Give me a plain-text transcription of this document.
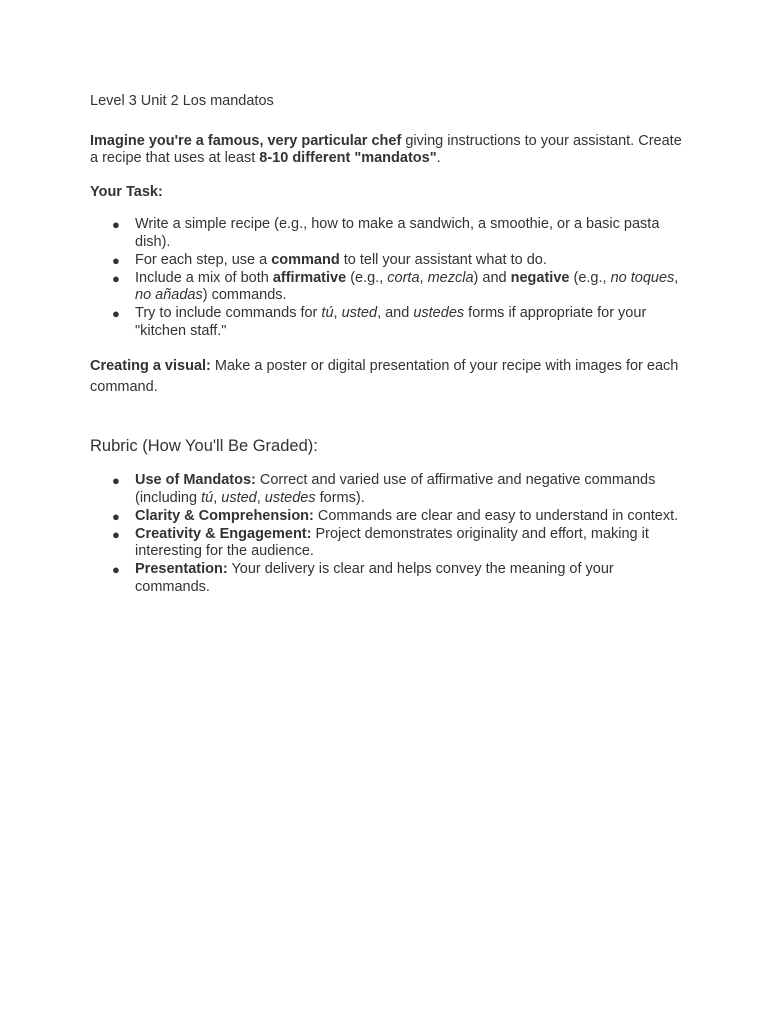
Level 3 Unit 2 Los mandatos

Imagine you're a famous, very particular chef giving instructions to your assistant. Create a recipe that uses at least 8-10 different "mandatos".

Your Task:

● Write a simple recipe (e.g., how to make a sandwich, a smoothie, or a basic pasta dish).
● For each step, use a command to tell your assistant what to do.
● Include a mix of both affirmative (e.g., corta, mezcla) and negative (e.g., no toques, no añadas) commands.
● Try to include commands for tú, usted, and ustedes forms if appropriate for your "kitchen staff."

Creating a visual: Make a poster or digital presentation of your recipe with images for each command.

Rubric (How You'll Be Graded):

● Use of Mandatos: Correct and varied use of affirmative and negative commands (including tú, usted, ustedes forms).
● Clarity & Comprehension: Commands are clear and easy to understand in context.
● Creativity & Engagement: Project demonstrates originality and effort, making it interesting for the audience.
● Presentation: Your delivery is clear and helps convey the meaning of your commands.
